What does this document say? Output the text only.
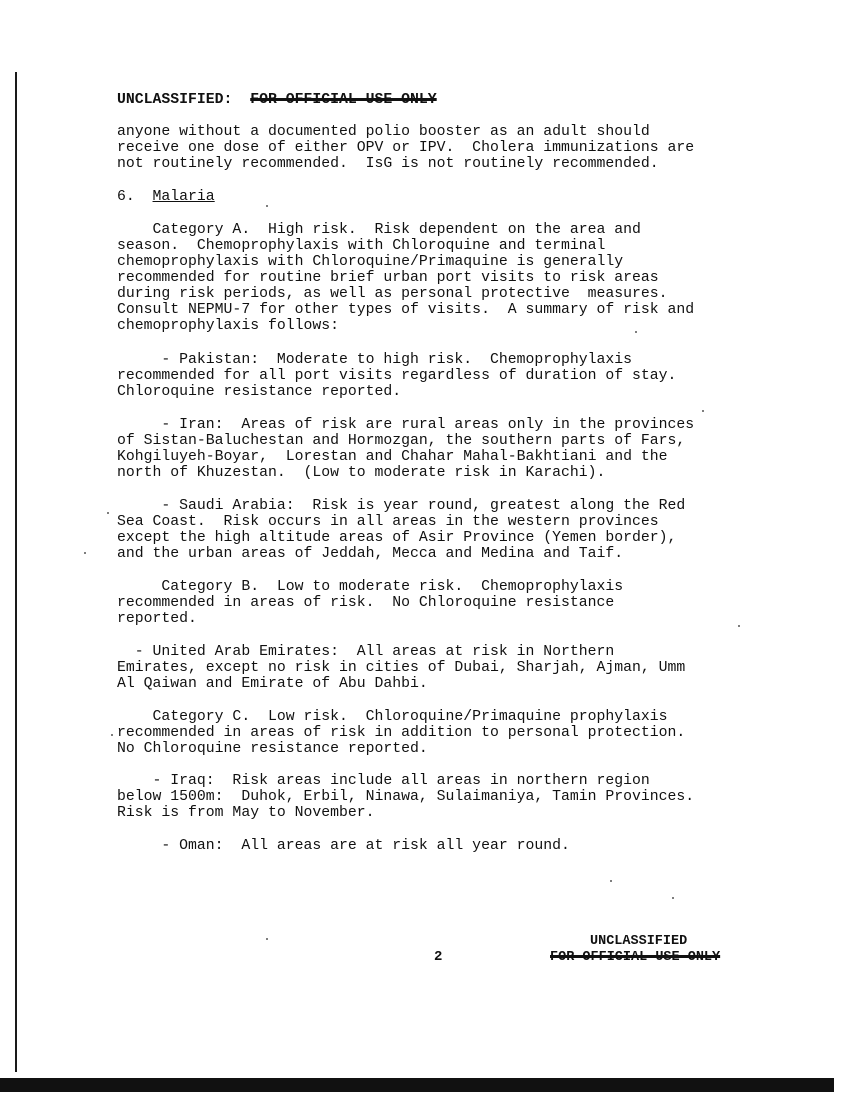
UNCLASSIFIED: FOR OFFICIAL USE ONLY
anyone without a documented polio booster as an adult should
receive one dose of either OPV or IPV.  Cholera immunizations are
not routinely recommended.  IsG is not routinely recommended.
6. Malaria
Category A.  High risk.  Risk dependent on the area and
season.  Chemoprophylaxis with Chloroquine and terminal
chemoprophylaxis with Chloroquine/Primaquine is generally
recommended for routine brief urban port visits to risk areas
during risk periods, as well as personal protective  measures.
Consult NEPMU-7 for other types of visits.  A summary of risk and
chemoprophylaxis follows:
- Pakistan:  Moderate to high risk.  Chemoprophylaxis
recommended for all port visits regardless of duration of stay.
Chloroquine resistance reported.
- Iran:  Areas of risk are rural areas only in the provinces
of Sistan-Baluchestan and Hormozgan, the southern parts of Fars,
Kohgiluyeh-Boyar,  Lorestan and Chahar Mahal-Bakhtiani and the
north of Khuzestan.  (Low to moderate risk in Karachi).
- Saudi Arabia:  Risk is year round, greatest along the Red
Sea Coast.  Risk occurs in all areas in the western provinces
except the high altitude areas of Asir Province (Yemen border),
and the urban areas of Jeddah, Mecca and Medina and Taif.
Category B.  Low to moderate risk.  Chemoprophylaxis
recommended in areas of risk.  No Chloroquine resistance
reported.
- United Arab Emirates:  All areas at risk in Northern
Emirates, except no risk in cities of Dubai, Sharjah, Ajman, Umm
Al Qaiwan and Emirate of Abu Dahbi.
Category C.  Low risk.  Chloroquine/Primaquine prophylaxis
recommended in areas of risk in addition to personal protection.
No Chloroquine resistance reported.
- Iraq:  Risk areas include all areas in northern region
below 1500m:  Duhok, Erbil, Ninawa, Sulaimaniya, Tamin Provinces.
Risk is from May to November.
- Oman:  All areas are at risk all year round.
2
UNCLASSIFIED
FOR OFFICIAL USE ONLY
